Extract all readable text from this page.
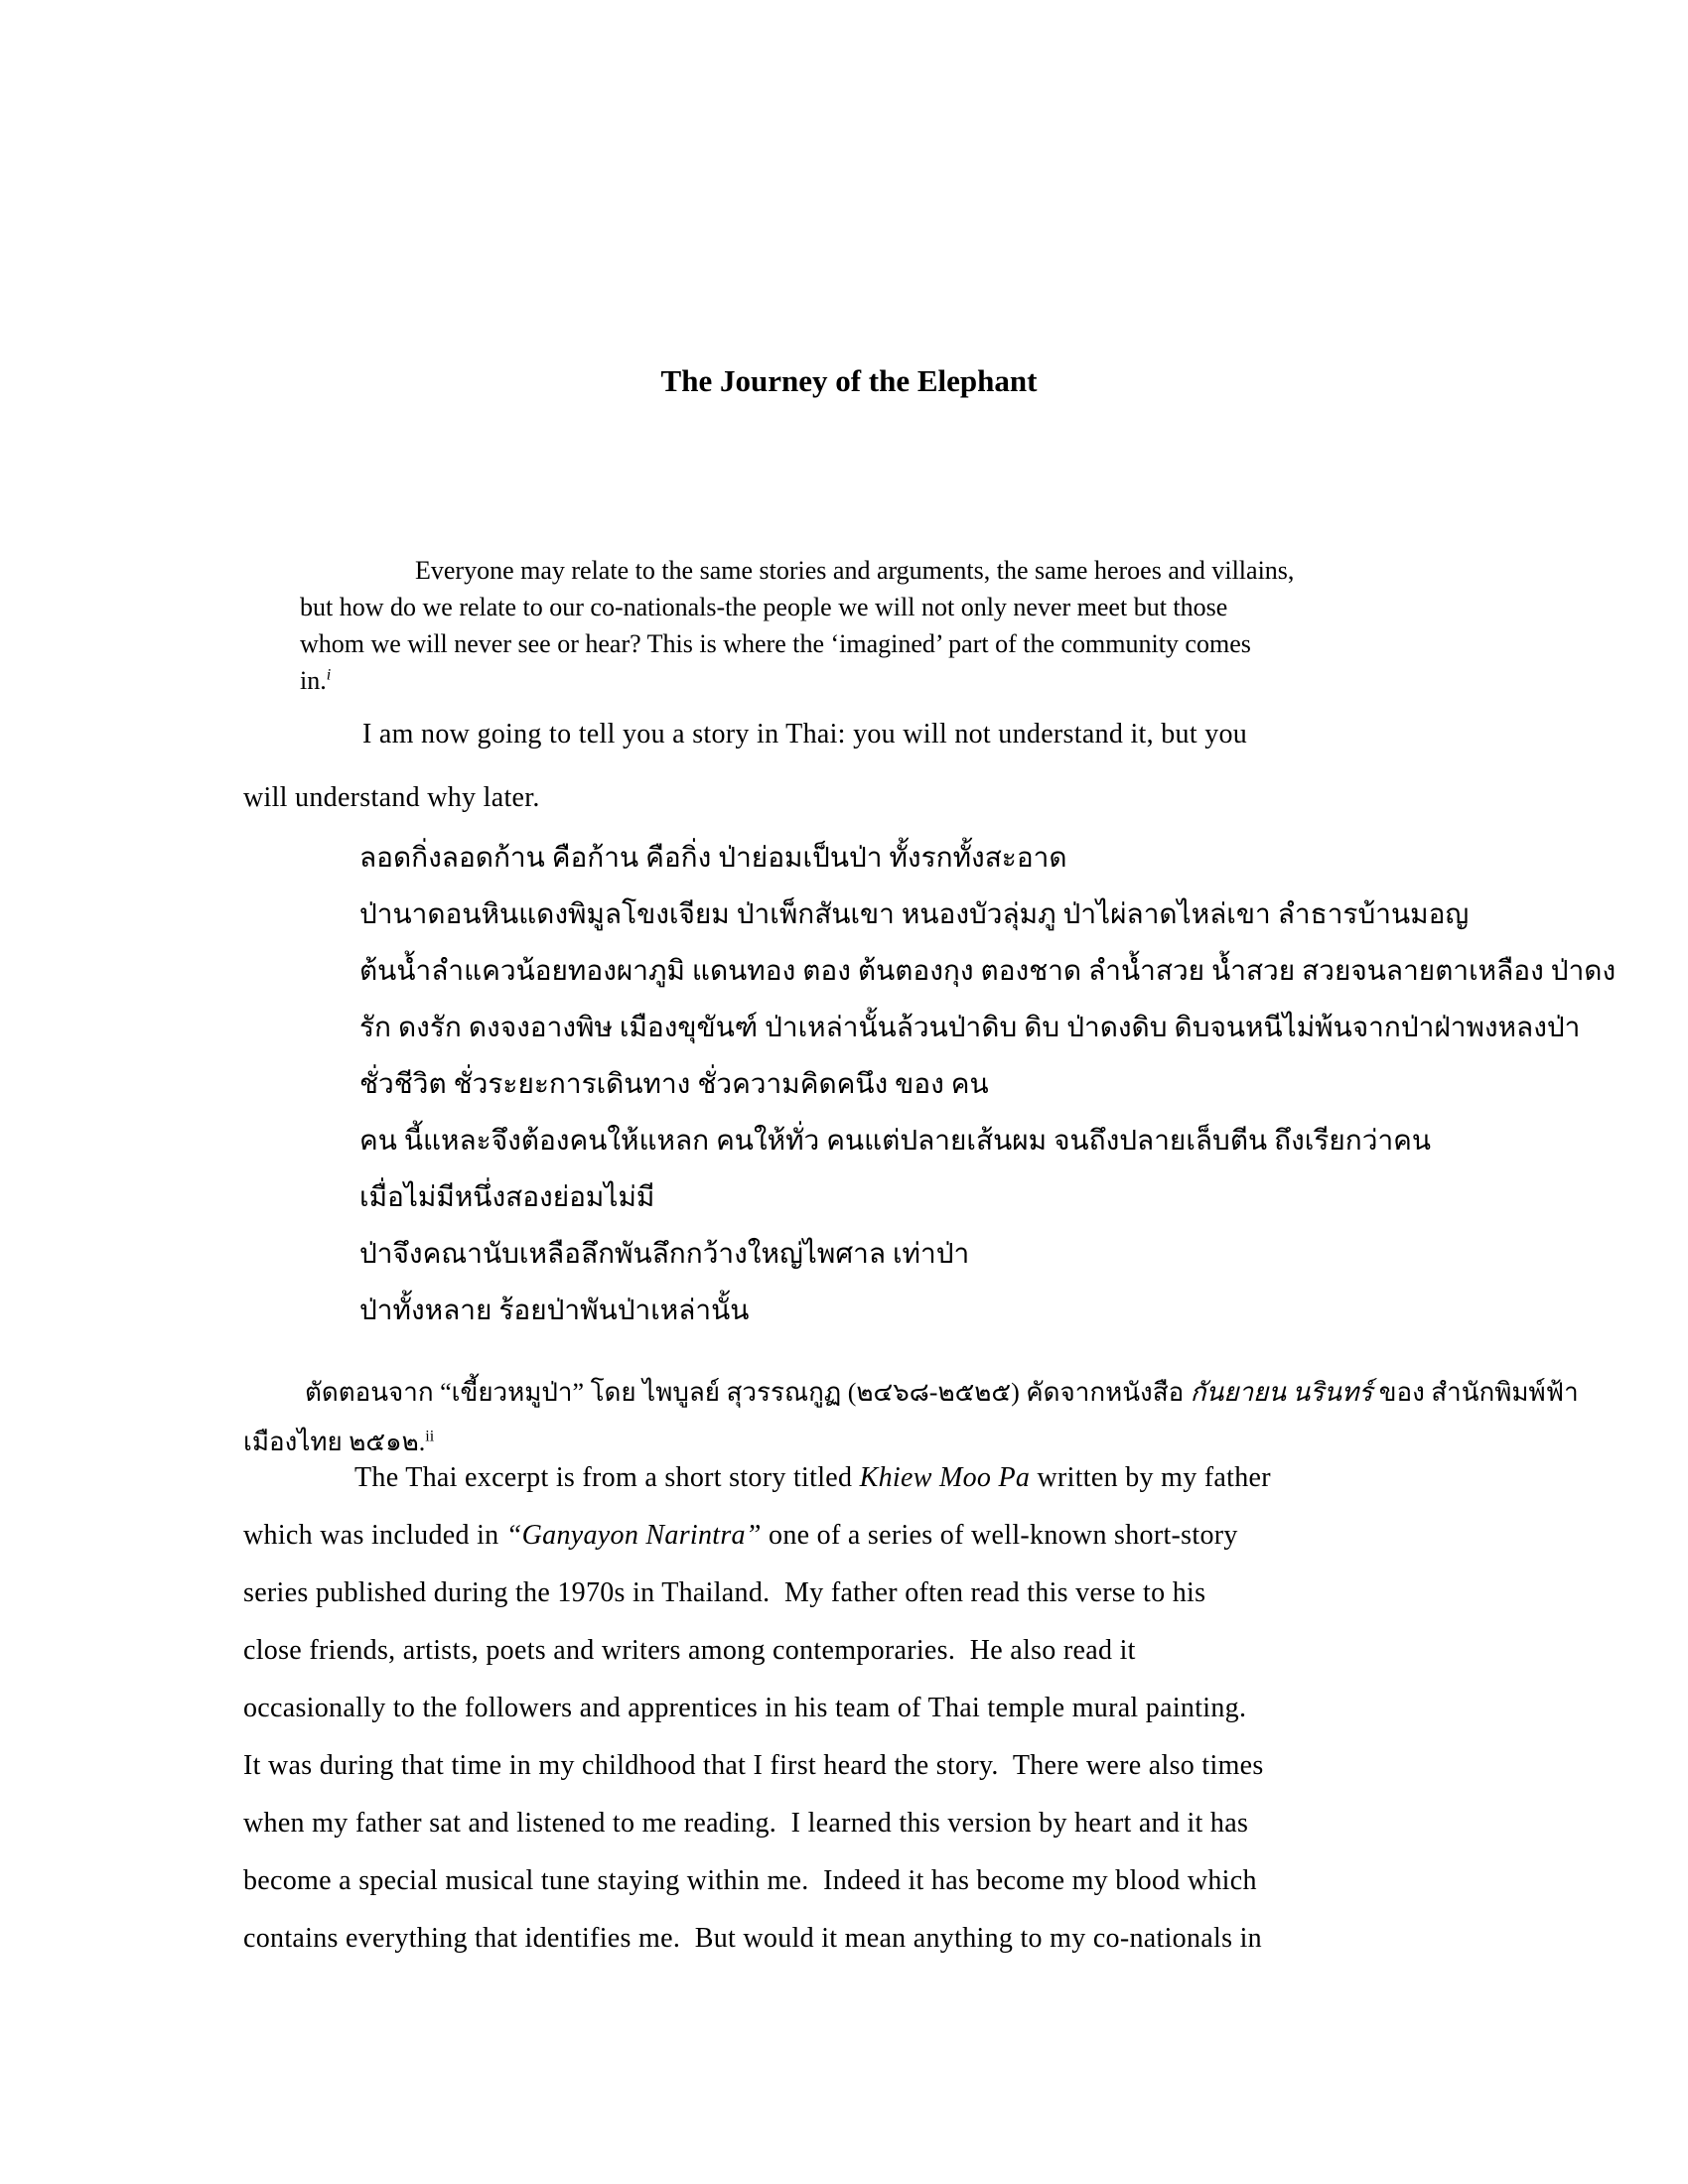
The Journey of the Elephant
Everyone may relate to the same stories and arguments, the same heroes and villains,
but how do we relate to our co-nationals-the people we will not only never meet but those
whom we will never see or hear? This is where the ‘imagined’ part of the community comes
in.$^i$
I am now going to tell you a story in Thai: you will not understand it, but you
will understand why later.
ลอดกิ่งลอดก้าน คือก้าน คือกิ่ง ป่าย่อมเป็นป่า ทั้งรกทั้งสะอาด
ป่านาดอนหินแดงพิมูลโขงเจียม ป่าเพ็กสันเขา หนองบัวลุ่มภู ป่าไผ่ลาดไหล่เขา ลำธารบ้านมอญ
ต้นน้ำลำแควน้อยทองผาภูมิ แดนทอง ตอง ต้นตองกุง ตองชาด ลำน้ำสวย น้ำสวย สวยจนลายตาเหลือง ป่าดง
รัก ดงรัก ดงจงอางพิษ เมืองขุขันฑ์ ป่าเหล่านั้นล้วนป่าดิบ ดิบ ป่าดงดิบ ดิบจนหนีไม่พ้นจากป่าฝ่าพงหลงป่า
ชั่วชีวิต ชั่วระยะการเดินทาง ชั่วความคิดคนึง ของ คน
คน นี้แหละจึงต้องคนให้แหลก คนให้ทั่ว คนแต่ปลายเส้นผม จนถึงปลายเล็บตีน ถึงเรียกว่าคน
เมื่อไม่มีหนึ่งสองย่อมไม่มี
ป่าจึงคณานับเหลือลึกพันลึกกว้างใหญ่ไพศาล เท่าป่า
ป่าทั้งหลาย ร้อยป่าพันป่าเหล่านั้น
ตัดตอนจาก “เขี้ยวหมูป่า” โดย ไพบูลย์ สุวรรณกูฏ (๒๔๖๘-๒๕๒๕) คัดจากหนังสือ กันยายน นรินทร์ ของ สำนักพิมพ์ฟ้า
เมืองไทย ๒๕๑๒.$^{ii}$
The Thai excerpt is from a short story titled Khiew Moo Pa written by my father
which was included in “Ganyayon Narintra” one of a series of well-known short-story
series published during the 1970s in Thailand.  My father often read this verse to his
close friends, artists, poets and writers among contemporaries.  He also read it
occasionally to the followers and apprentices in his team of Thai temple mural painting.
It was during that time in my childhood that I first heard the story.  There were also times
when my father sat and listened to me reading.  I learned this version by heart and it has
become a special musical tune staying within me.  Indeed it has become my blood which
contains everything that identifies me.  But would it mean anything to my co-nationals in
